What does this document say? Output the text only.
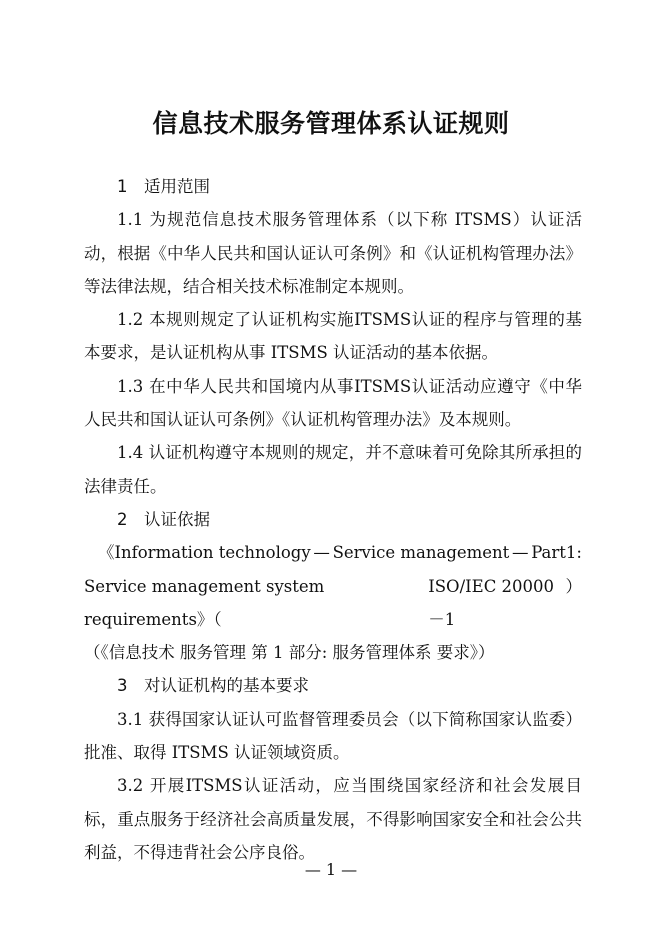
信息技术服务管理体系认证规则

1 适用范围

1.1 为规范信息技术服务管理体系（以下称 ITSMS）认证活动，根据《中华人民共和国认证认可条例》和《认证机构管理办法》等法律法规，结合相关技术标准制定本规则。

1.2 本规则规定了认证机构实施ITSMS认证的程序与管理的基本要求，是认证机构从事 ITSMS 认证活动的基本依据。

1.3 在中华人民共和国境内从事ITSMS认证活动应遵守《中华人民共和国认证认可条例》《认证机构管理办法》及本规则。

1.4 认证机构遵守本规则的规定，并不意味着可免除其所承担的法律责任。

2 认证依据

《Information technology — Service management — Part1:
Service management system requirements》（
ISO/IEC 20000－1
）

（《信息技术 服务管理 第 1 部分: 服务管理体系 要求》）

3 对认证机构的基本要求

3.1 获得国家认证认可监督管理委员会（以下简称国家认监委）批准、取得 ITSMS 认证领域资质。

3.2 开展ITSMS认证活动，应当围绕国家经济和社会发展目标，重点服务于经济社会高质量发展，不得影响国家安全和社会公共利益，不得违背社会公序良俗。

— 1 —
